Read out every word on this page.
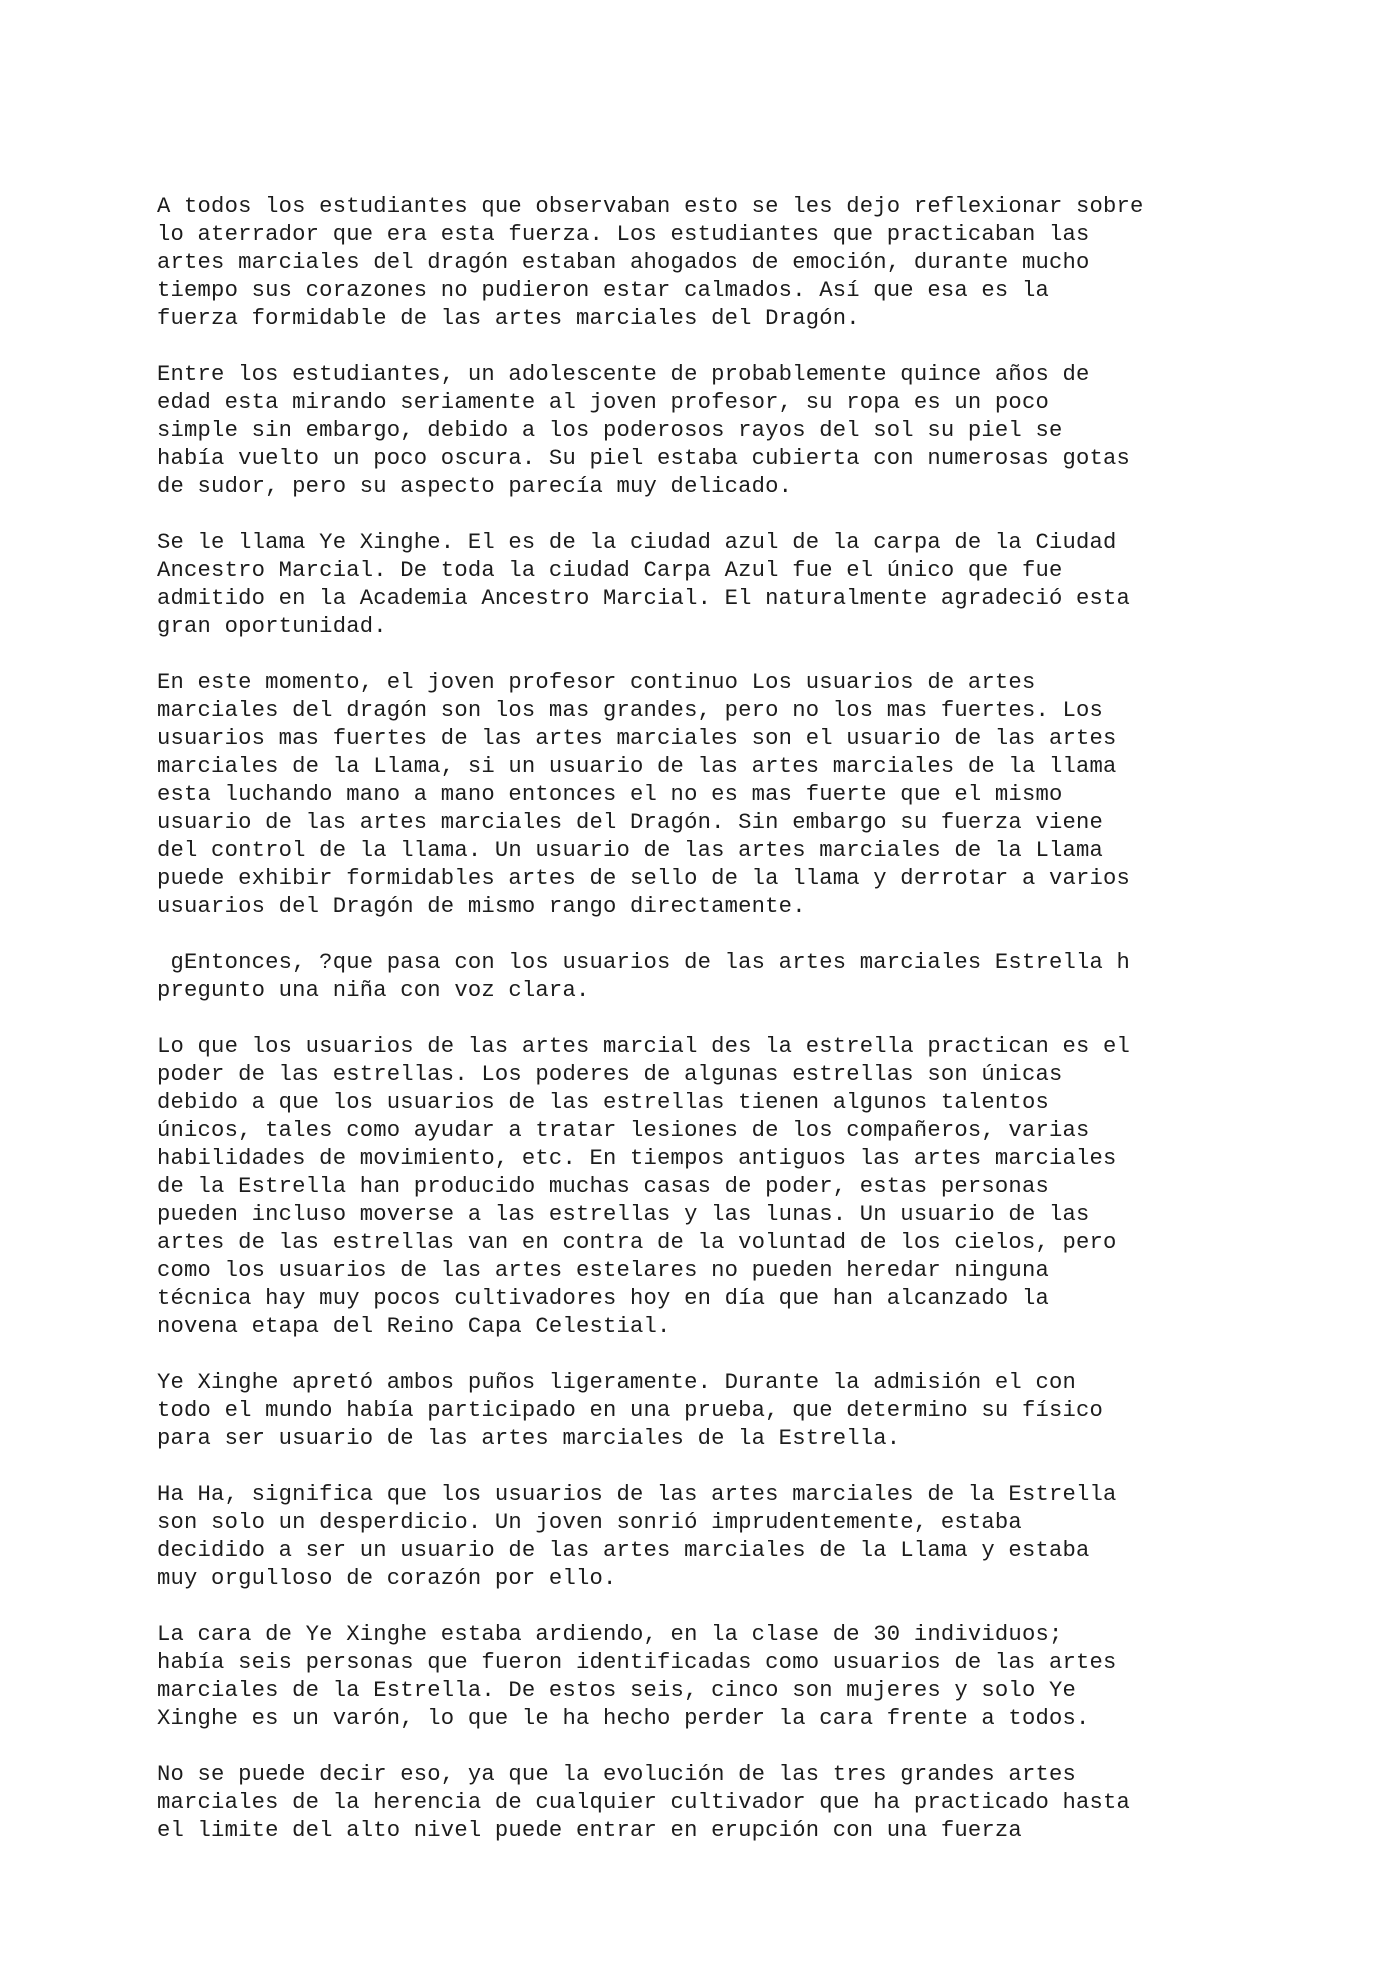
A todos los estudiantes que observaban esto se les dejo reflexionar sobre
lo aterrador que era esta fuerza. Los estudiantes que practicaban las
artes marciales del dragón estaban ahogados de emoción, durante mucho
tiempo sus corazones no pudieron estar calmados. Así que esa es la
fuerza formidable de las artes marciales del Dragón.
Entre los estudiantes, un adolescente de probablemente quince años de
edad esta mirando seriamente al joven profesor, su ropa es un poco
simple sin embargo, debido a los poderosos rayos del sol su piel se
había vuelto un poco oscura. Su piel estaba cubierta con numerosas gotas
de sudor, pero su aspecto parecía muy delicado.
Se le llama Ye Xinghe. El es de la ciudad azul de la carpa de la Ciudad
Ancestro Marcial. De toda la ciudad Carpa Azul fue el único que fue
admitido en la Academia Ancestro Marcial. El naturalmente agradeció esta
gran oportunidad.
En este momento, el joven profesor continuo Los usuarios de artes
marciales del dragón son los mas grandes, pero no los mas fuertes. Los
usuarios mas fuertes de las artes marciales son el usuario de las artes
marciales de la Llama, si un usuario de las artes marciales de la llama
esta luchando mano a mano entonces el no es mas fuerte que el mismo
usuario de las artes marciales del Dragón. Sin embargo su fuerza viene
del control de la llama. Un usuario de las artes marciales de la Llama
puede exhibir formidables artes de sello de la llama y derrotar a varios
usuarios del Dragón de mismo rango directamente.
gEntonces, ?que pasa con los usuarios de las artes marciales Estrella h
pregunto una niña con voz clara.
Lo que los usuarios de las artes marcial des la estrella practican es el
poder de las estrellas. Los poderes de algunas estrellas son únicas
debido a que los usuarios de las estrellas tienen algunos talentos
únicos, tales como ayudar a tratar lesiones de los compañeros, varias
habilidades de movimiento, etc. En tiempos antiguos las artes marciales
de la Estrella han producido muchas casas de poder, estas personas
pueden incluso moverse a las estrellas y las lunas. Un usuario de las
artes de las estrellas van en contra de la voluntad de los cielos, pero
como los usuarios de las artes estelares no pueden heredar ninguna
técnica hay muy pocos cultivadores hoy en día que han alcanzado la
novena etapa del Reino Capa Celestial.
Ye Xinghe apretó ambos puños ligeramente. Durante la admisión el con
todo el mundo había participado en una prueba, que determino su físico
para ser usuario de las artes marciales de la Estrella.
Ha Ha, significa que los usuarios de las artes marciales de la Estrella
son solo un desperdicio. Un joven sonrió imprudentemente, estaba
decidido a ser un usuario de las artes marciales de la Llama y estaba
muy orgulloso de corazón por ello.
La cara de Ye Xinghe estaba ardiendo, en la clase de 30 individuos;
había seis personas que fueron identificadas como usuarios de las artes
marciales de la Estrella. De estos seis, cinco son mujeres y solo Ye
Xinghe es un varón, lo que le ha hecho perder la cara frente a todos.
No se puede decir eso, ya que la evolución de las tres grandes artes
marciales de la herencia de cualquier cultivador que ha practicado hasta
el limite del alto nivel puede entrar en erupción con una fuerza
